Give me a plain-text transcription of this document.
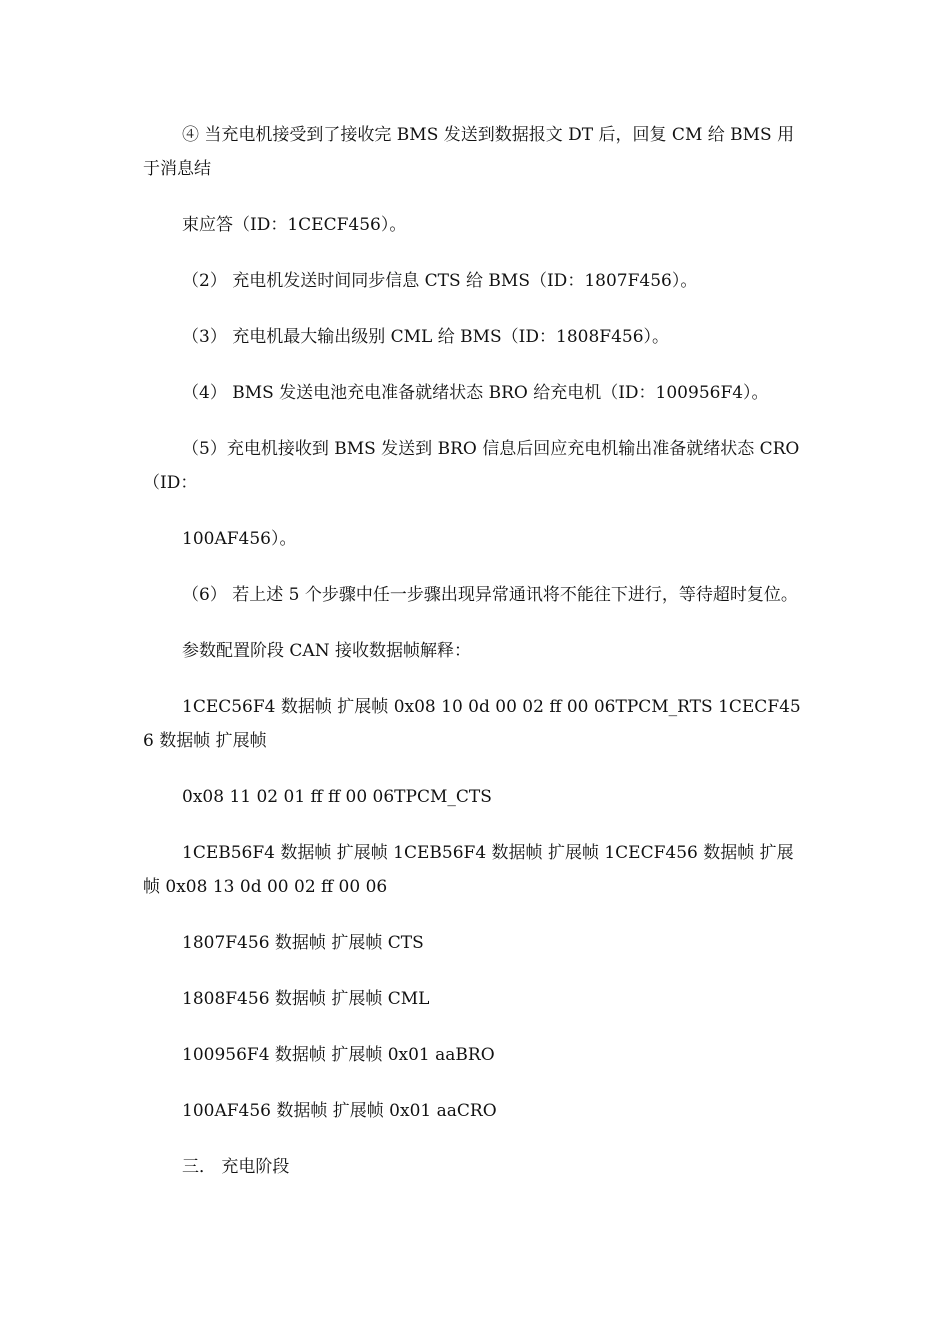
④ 当充电机接受到了接收完 BMS 发送到数据报文 DT 后，回复 CM 给 BMS 用于消息结

束应答（ID：1CECF456）。

（2） 充电机发送时间同步信息 CTS 给 BMS（ID：1807F456）。

（3） 充电机最大输出级别 CML 给 BMS（ID：1808F456）。

（4） BMS 发送电池充电准备就绪状态 BRO 给充电机（ID：100956F4）。

（5）充电机接收到 BMS 发送到 BRO 信息后回应充电机输出准备就绪状态 CRO （ID：

100AF456）。

（6） 若上述 5 个步骤中任一步骤出现异常通讯将不能往下进行，等待超时复位。

参数配置阶段 CAN 接收数据帧解释：

1CEC56F4 数据帧 扩展帧 0x08 10 0d 00 02 ff 00 06TPCM_RTS 1CECF456 数据帧 扩展帧

0x08 11 02 01 ff ff 00 06TPCM_CTS

1CEB56F4 数据帧 扩展帧 1CEB56F4 数据帧 扩展帧 1CECF456 数据帧 扩展帧 0x08 13 0d 00 02 ff 00 06

1807F456 数据帧 扩展帧 CTS

1808F456 数据帧 扩展帧 CML

100956F4 数据帧 扩展帧 0x01 aaBRO

100AF456 数据帧 扩展帧 0x01 aaCRO

三． 充电阶段
